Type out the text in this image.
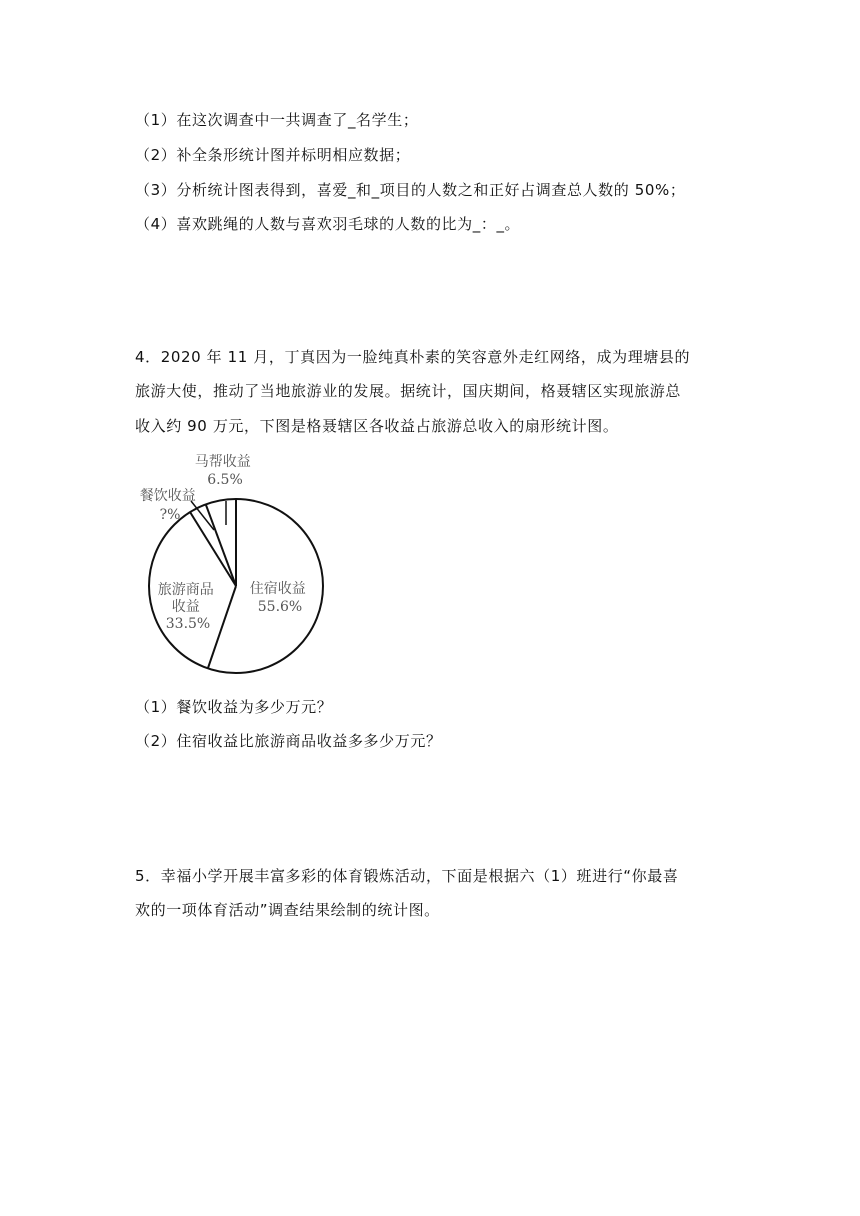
（1）在这次调查中一共调查了_名学生；
（2）补全条形统计图并标明相应数据；
（3）分析统计图表得到，喜爱_和_项目的人数之和正好占调查总人数的 50%；
（4）喜欢跳绳的人数与喜欢羽毛球的人数的比为_：_。
4．2020 年 11 月，丁真因为一脸纯真朴素的笑容意外走红网络，成为理塘县的
旅游大使，推动了当地旅游业的发展。据统计，国庆期间，格聂辖区实现旅游总
收入约 90 万元，下图是格聂辖区各收益占旅游总收入的扇形统计图。
住宿收益 55.6%
旅游商品 收益 33.5%
餐饮收益 ?%
马帮收益 6.5%
（1）餐饮收益为多少万元？
（2）住宿收益比旅游商品收益多多少万元？
5．幸福小学开展丰富多彩的体育锻炼活动，下面是根据六（1）班进行“你最喜
欢的一项体育活动”调查结果绘制的统计图。
